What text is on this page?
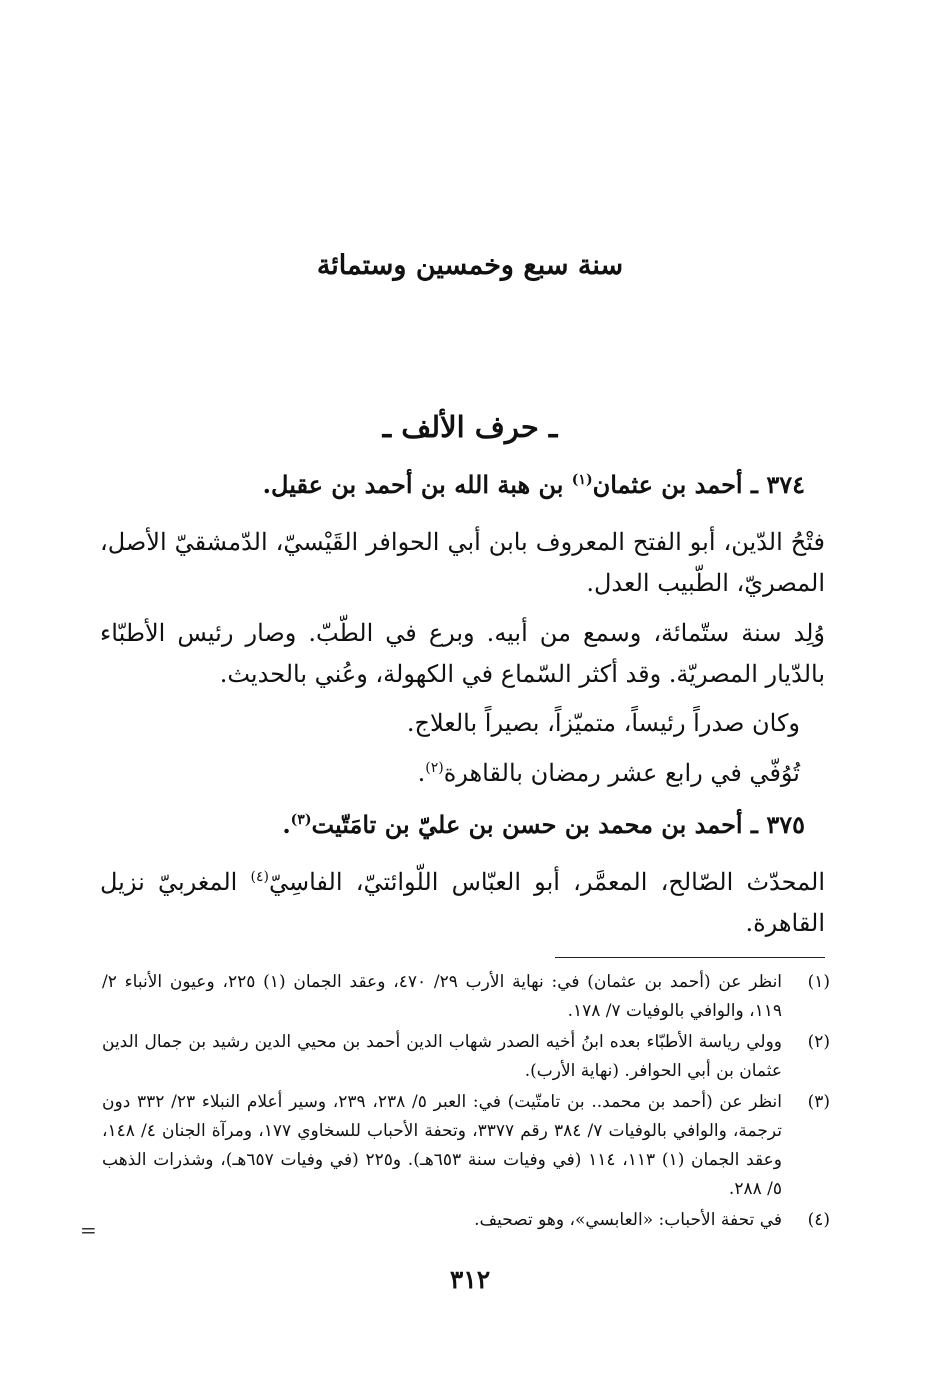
سنة سبع وخمسين وستمائة
ـ حرف الألف ـ
٣٧٤ ـ أحمد بن عثمان$^{(١)}$ بن هبة الله بن أحمد بن عقيل.
فتْحُ الدّين، أبو الفتح المعروف بابن أبي الحوافر القَيْسيّ، الدّمشقيّ الأصل، المصريّ، الطّبيب العدل.
وُلِد سنة ستّمائة، وسمع من أبيه. وبرع في الطّبّ. وصار رئيس الأطبّاء بالدّيار المصريّة. وقد أكثر السّماع في الكهولة، وعُني بالحديث.
وكان صدراً رئيساً، متميّزاً، بصيراً بالعلاج.
تُوُفّي في رابع عشر رمضان بالقاهرة$^{(٢)}$.
٣٧٥ ـ أحمد بن محمد بن حسن بن عليّ بن تامَتّيت$^{(٣)}$.
المحدّث الصّالح، المعمَّر، أبو العبّاس اللّوائتيّ، الفاسِيّ$^{(٤)}$ المغربيّ نزيل القاهرة.
(١)
انظر عن (أحمد بن عثمان) في: نهاية الأرب ٢٩/ ٤٧٠، وعقد الجمان (١) ٢٢٥، وعيون الأنباء ٢/ ١١٩، والوافي بالوفيات ٧/ ١٧٨.
(٢)
وولي رياسة الأطبّاء بعده ابنُ أخيه الصدر شهاب الدين أحمد بن محيي الدين رشيد بن جمال الدين عثمان بن أبي الحوافر. (نهاية الأرب).
(٣)
انظر عن (أحمد بن محمد.. بن تامتّيت) في: العبر ٥/ ٢٣٨، ٢٣٩، وسير أعلام النبلاء ٢٣/ ٣٣٢ دون ترجمة، والوافي بالوفيات ٧/ ٣٨٤ رقم ٣٣٧٧، وتحفة الأحباب للسخاوي ١٧٧، ومرآة الجنان ٤/ ١٤٨، وعقد الجمان (١) ١١٣، ١١٤ (في وفيات سنة ٦٥٣هـ). و٢٢٥ (في وفيات ٦٥٧هـ)، وشذرات الذهب ٥/ ٢٨٨.
(٤)
في تحفة الأحباب: «العابسي»، وهو تصحيف.
=
٣١٢
